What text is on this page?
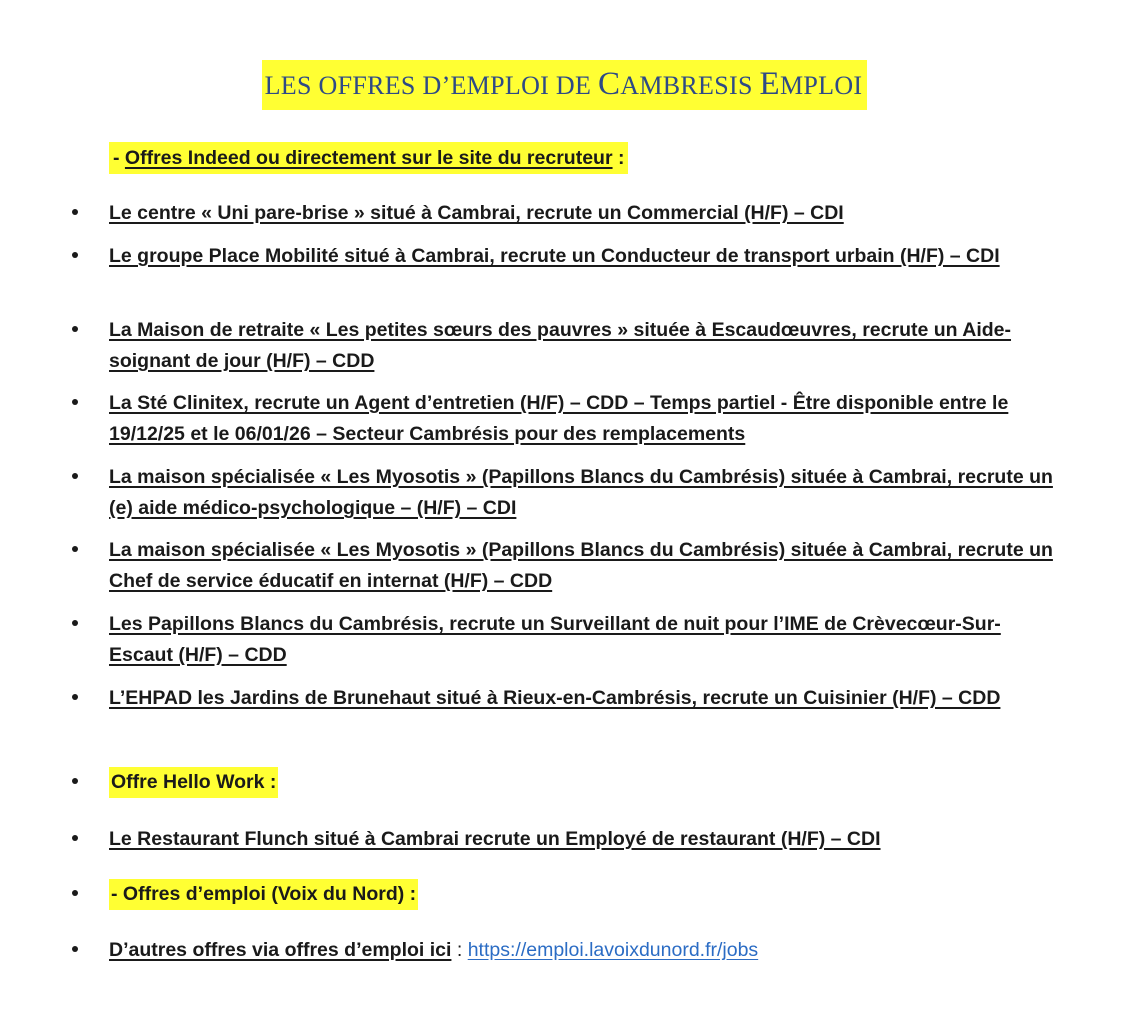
LES OFFRES D’EMPLOI DE CAMBRESIS EMPLOI
- Offres Indeed ou directement sur le site du recruteur :
Le centre « Uni pare-brise » situé à Cambrai, recrute un Commercial (H/F) – CDI
Le groupe Place Mobilité situé à Cambrai, recrute un Conducteur de transport urbain (H/F) – CDI
La Maison de retraite « Les petites sœurs des pauvres » située à Escaudœuvres, recrute un Aide-soignant de jour (H/F) – CDD
La Sté Clinitex, recrute un Agent d’entretien (H/F) – CDD – Temps partiel - Être disponible entre le 19/12/25 et le 06/01/26 – Secteur Cambrésis pour des remplacements
La maison spécialisée « Les Myosotis » (Papillons Blancs du Cambrésis) située à Cambrai, recrute un (e) aide médico-psychologique – (H/F) – CDI
La maison spécialisée « Les Myosotis » (Papillons Blancs du Cambrésis) située à Cambrai, recrute un Chef de service éducatif en internat (H/F) – CDD
Les Papillons Blancs du Cambrésis, recrute un Surveillant de nuit pour l’IME de Crèvecœur-Sur-Escaut (H/F) – CDD
L’EHPAD les Jardins de Brunehaut situé à Rieux-en-Cambrésis, recrute un Cuisinier (H/F) – CDD
Offre Hello Work :
Le Restaurant Flunch situé à Cambrai recrute un Employé de restaurant (H/F) – CDI
- Offres d’emploi (Voix du Nord) :
D’autres offres via offres d’emploi ici : https://emploi.lavoixdunord.fr/jobs
